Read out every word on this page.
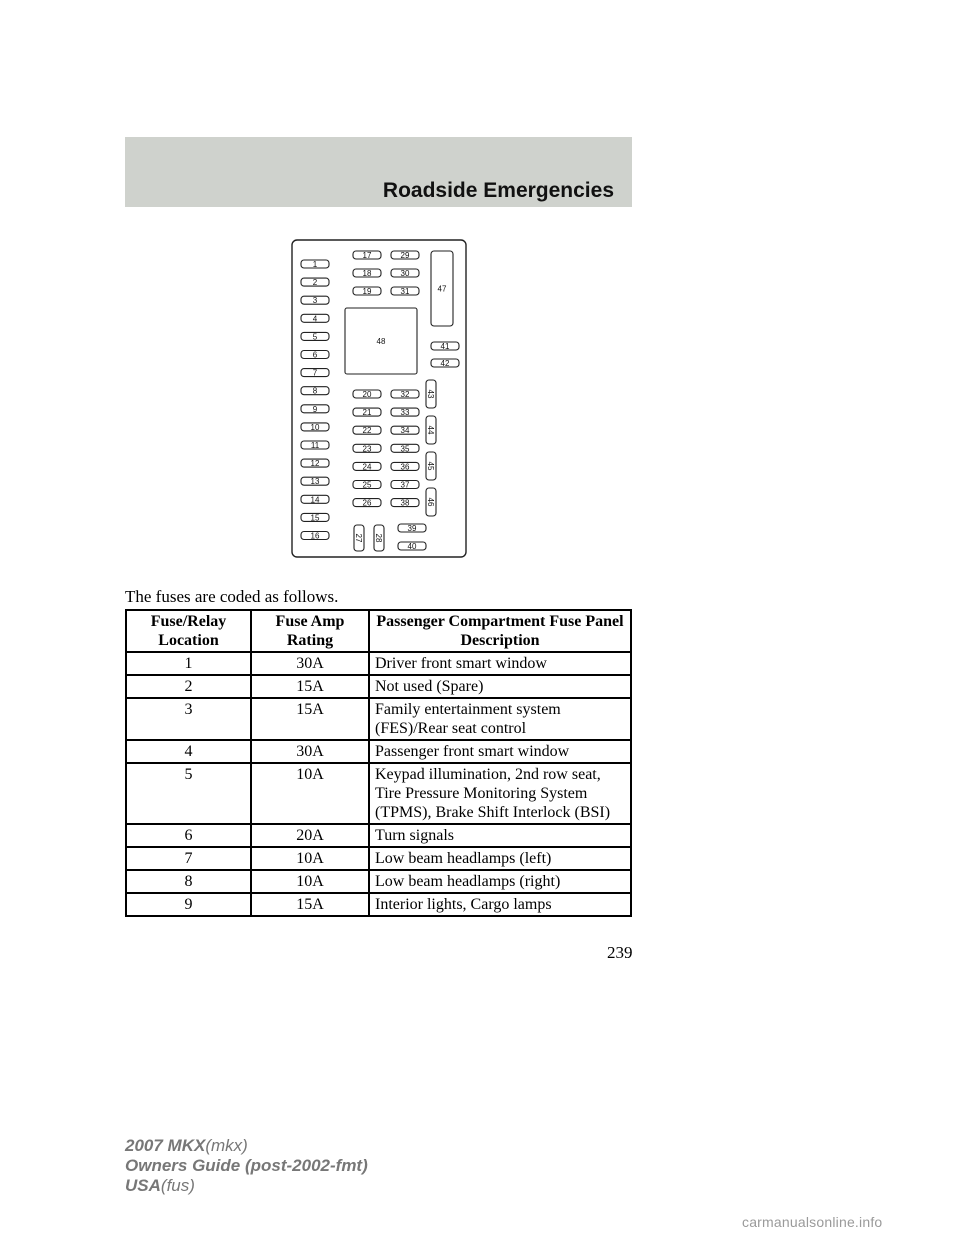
Roadside Emergencies
1
2
3
4
5
6
7
8
9
10
11
12
13
14
15
16
17
18
19
29
30
31	47
48
41
42
20
21
22
23
24
25
26
32
33
34
35
36
37
38
43
44
45
46
27 28
39
40
The fuses are coded as follows.
Fuse/Relay Location	Fuse Amp Rating	Passenger Compartment Fuse Panel Description
1	30A	Driver front smart window
2	15A	Not used (Spare)
3	15A	Family entertainment system (FES)/Rear seat control
4	30A	Passenger front smart window
5	10A	Keypad illumination, 2nd row seat, Tire Pressure Monitoring System (TPMS), Brake Shift Interlock (BSI)
6	20A	Turn signals
7	10A	Low beam headlamps (left)
8	10A	Low beam headlamps (right)
9	15A	Interior lights, Cargo lamps
239
2007 MKX(mkx)
Owners Guide (post-2002-fmt)
USA(fus)
carmanualsonline.info
